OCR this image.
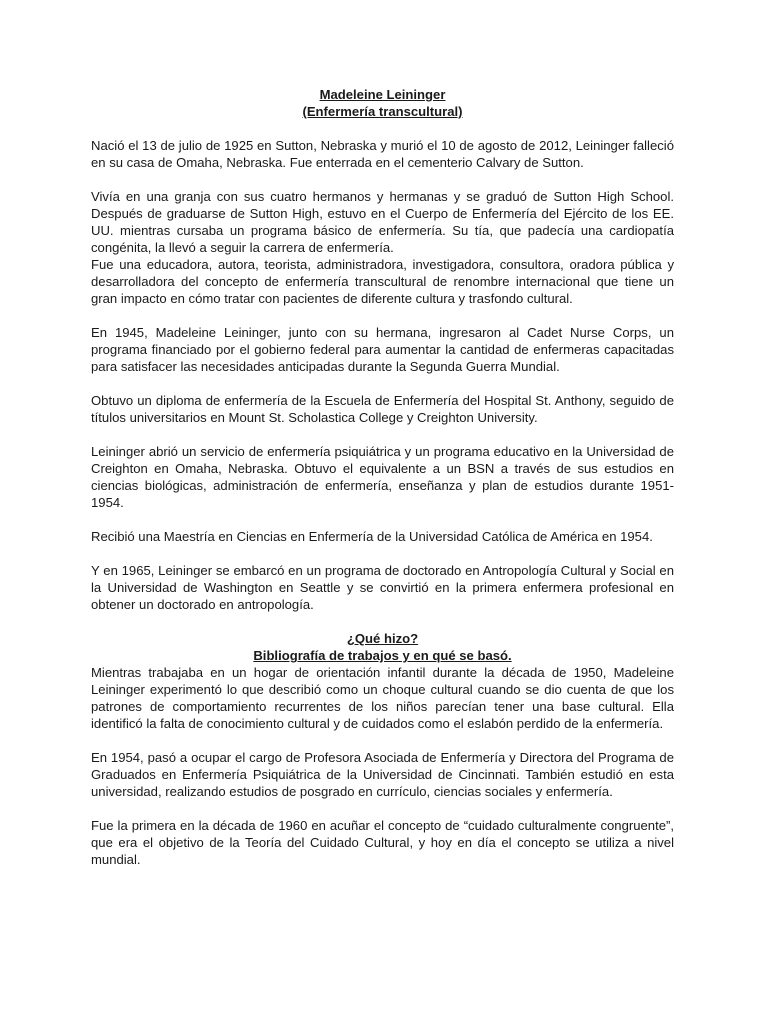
Madeleine Leininger
(Enfermería transcultural)

Nació el 13 de julio de 1925 en Sutton, Nebraska y murió el 10 de agosto de 2012, Leininger falleció en su casa de Omaha, Nebraska. Fue enterrada en el cementerio Calvary de Sutton.

Vivía en una granja con sus cuatro hermanos y hermanas y se graduó de Sutton High School. Después de graduarse de Sutton High, estuvo en el Cuerpo de Enfermería del Ejército de los EE. UU. mientras cursaba un programa básico de enfermería. Su tía, que padecía una cardiopatía congénita, la llevó a seguir la carrera de enfermería.

Fue una educadora, autora, teorista, administradora, investigadora, consultora, oradora pública y desarrolladora del concepto de enfermería transcultural de renombre internacional que tiene un gran impacto en cómo tratar con pacientes de diferente cultura y trasfondo cultural.

En 1945, Madeleine Leininger, junto con su hermana, ingresaron al Cadet Nurse Corps, un programa financiado por el gobierno federal para aumentar la cantidad de enfermeras capacitadas para satisfacer las necesidades anticipadas durante la Segunda Guerra Mundial.

Obtuvo un diploma de enfermería de la Escuela de Enfermería del Hospital St. Anthony, seguido de títulos universitarios en Mount St. Scholastica College y Creighton University.

Leininger abrió un servicio de enfermería psiquiátrica y un programa educativo en la Universidad de Creighton en Omaha, Nebraska. Obtuvo el equivalente a un BSN a través de sus estudios en ciencias biológicas, administración de enfermería, enseñanza y plan de estudios durante 1951-1954.

Recibió una Maestría en Ciencias en Enfermería de la Universidad Católica de América en 1954.

Y en 1965, Leininger se embarcó en un programa de doctorado en Antropología Cultural y Social en la Universidad de Washington en Seattle y se convirtió en la primera enfermera profesional en obtener un doctorado en antropología.

¿Qué hizo?
Bibliografía de trabajos y en qué se basó.

Mientras trabajaba en un hogar de orientación infantil durante la década de 1950, Madeleine Leininger experimentó lo que describió como un choque cultural cuando se dio cuenta de que los patrones de comportamiento recurrentes de los niños parecían tener una base cultural. Ella identificó la falta de conocimiento cultural y de cuidados como el eslabón perdido de la enfermería.

En 1954, pasó a ocupar el cargo de Profesora Asociada de Enfermería y Directora del Programa de Graduados en Enfermería Psiquiátrica de la Universidad de Cincinnati. También estudió en esta universidad, realizando estudios de posgrado en currículo, ciencias sociales y enfermería.

Fue la primera en la década de 1960 en acuñar el concepto de “cuidado culturalmente congruente”, que era el objetivo de la Teoría del Cuidado Cultural, y hoy en día el concepto se utiliza a nivel mundial.
